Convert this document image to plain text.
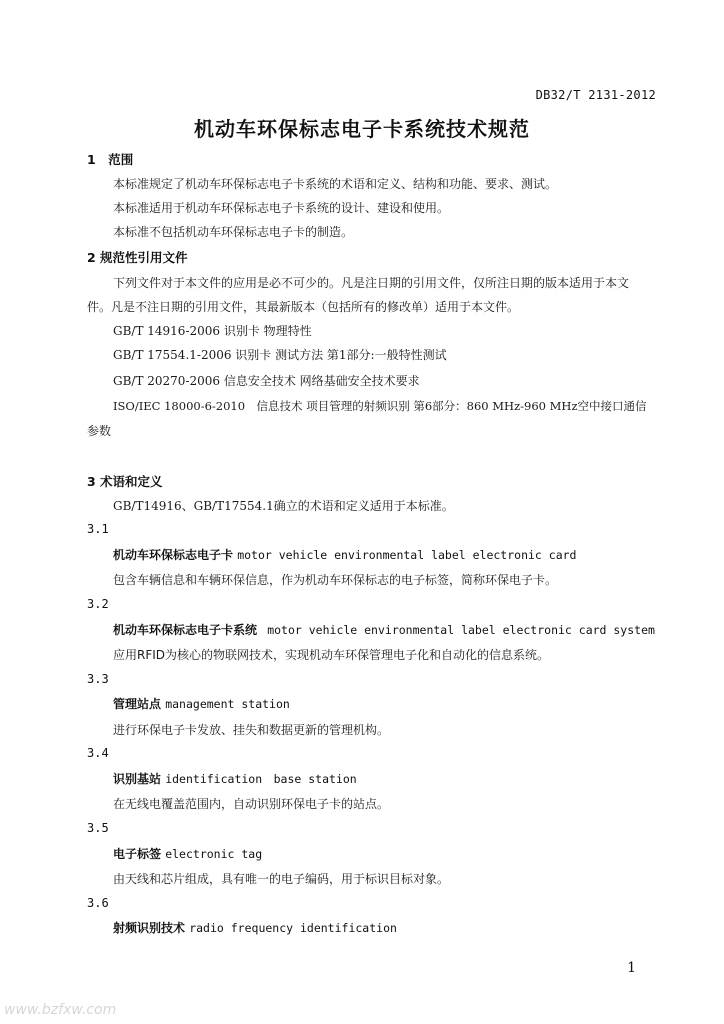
DB32/T 2131-2012
机动车环保标志电子卡系统技术规范
1　范围
本标准规定了机动车环保标志电子卡系统的术语和定义、结构和功能、要求、测试。
本标准适用于机动车环保标志电子卡系统的设计、建设和使用。
本标准不包括机动车环保标志电子卡的制造。
2 规范性引用文件
下列文件对于本文件的应用是必不可少的。凡是注日期的引用文件，仅所注日期的版本适用于本文
件。凡是不注日期的引用文件，其最新版本（包括所有的修改单）适用于本文件。
GB/T 14916-2006 识别卡 物理特性
GB/T 17554.1-2006 识别卡 测试方法 第1部分:一般特性测试
GB/T 20270-2006 信息安全技术 网络基础安全技术要求
ISO/IEC 18000-6-2010　信息技术 项目管理的射频识别 第6部分：860 MHz-960 MHz空中接口通信
参数
3 术语和定义
GB/T14916、GB/T17554.1确立的术语和定义适用于本标准。
3.1
机动车环保标志电子卡 motor vehicle environmental label electronic card
包含车辆信息和车辆环保信息，作为机动车环保标志的电子标签，简称环保电子卡。
3.2
机动车环保标志电子卡系统 motor vehicle environmental label electronic card system
应用RFID为核心的物联网技术，实现机动车环保管理电子化和自动化的信息系统。
3.3
管理站点 management station
进行环保电子卡发放、挂失和数据更新的管理机构。
3.4
识别基站 identification　base station
在无线电覆盖范围内，自动识别环保电子卡的站点。
3.5
电子标签 electronic tag
由天线和芯片组成，具有唯一的电子编码，用于标识目标对象。
3.6
射频识别技术 radio frequency identification
1
www.bzfxw.com
